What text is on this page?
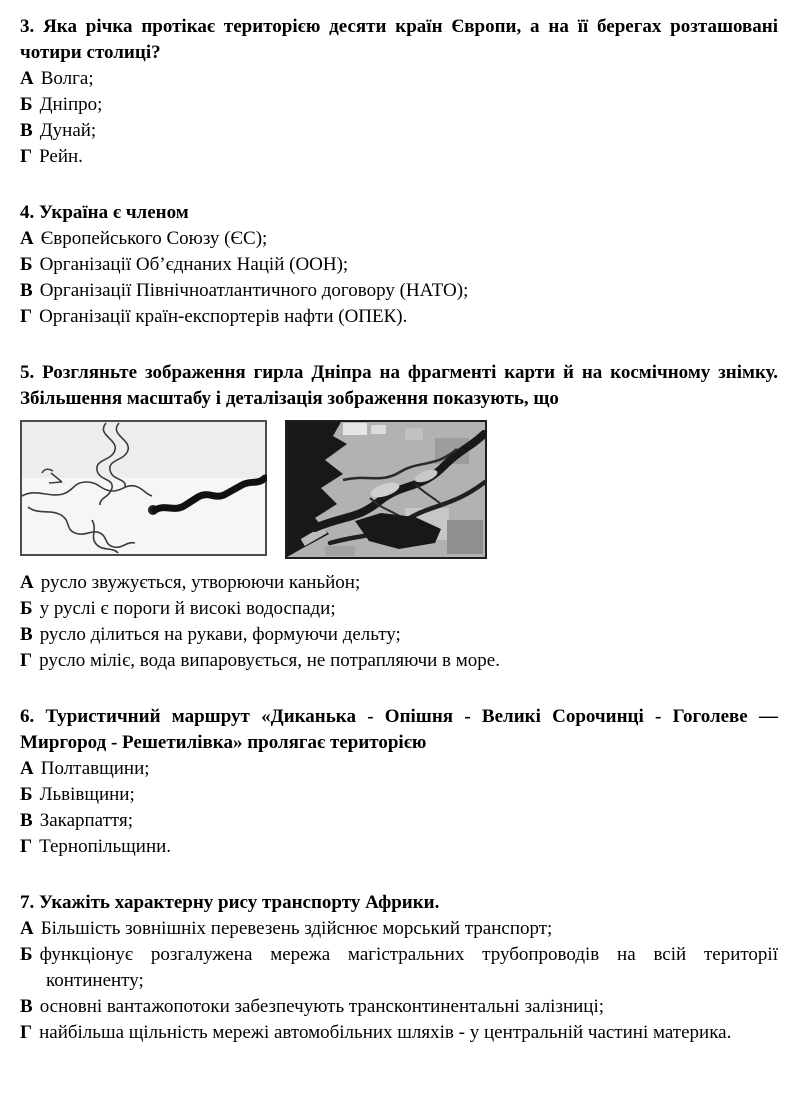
3. Яка річка протікає територією десяти країн Європи, а на її берегах розташовані чотири столиці?

А Волга;

Б Дніпро;

В Дунай;

Г Рейн.

4. Україна є членом

А Європейського Союзу (ЄС);

Б Організації Об’єднаних Націй (ООН);

В Організації Північноатлантичного договору (НАТО);

Г Організації країн-експортерів нафти (ОПЕК).

5. Розгляньте зображення гирла Дніпра на фрагменті карти й на космічному знімку. Збільшення масштабу і деталізація зображення показують, що

А русло звужується, утворюючи каньйон;

Б у руслі є пороги й високі водоспади;

В русло ділиться на рукави, формуючи дельту;

Г русло міліє, вода випаровується, не потрапляючи в море.

6. Туристичний маршрут «Диканька - Опішня - Великі Сорочинці - Гоголеве — Миргород - Решетилівка» пролягає територією

А Полтавщини;

Б Львівщини;

В Закарпаття;

Г Тернопільщини.

7. Укажіть характерну рису транспорту Африки.

А Більшість зовнішніх перевезень здійснює морський транспорт;

Б функціонує розгалужена мережа магістральних трубопроводів на всій території континенту;

В основні вантажопотоки забезпечують трансконтинентальні залізниці;

Г найбільша щільність мережі автомобільних шляхів - у центральній частині материка.
